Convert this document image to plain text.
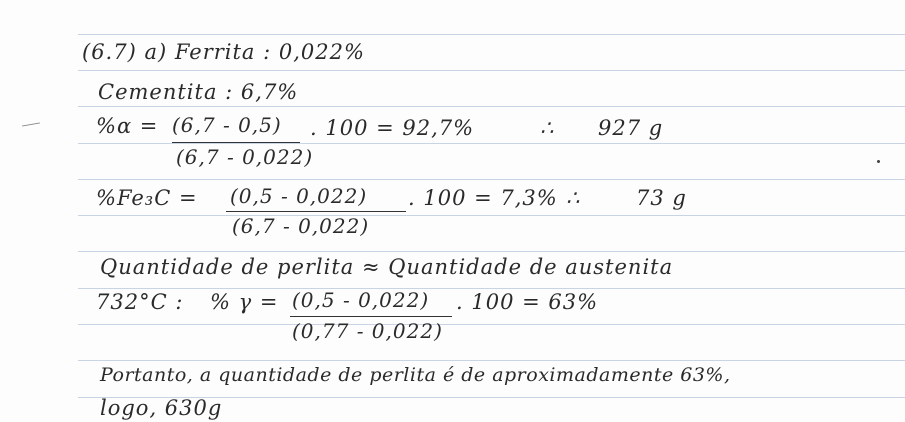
(6.7) a) Ferrita : 0,022%
Cementita : 6,7%
%α = (6,7 - 0,5)
(6,7 - 0,022)
. 100 = 92,7%	∴ 927 g
%Fe₃C = (0,5 - 0,022)
(6,7 - 0,022)
. 100 = 7,3% ∴	73 g
Quantidade de perlita ≈ Quantidade de austenita
732°C : % γ = (0,5 - 0,022)
(0,77 - 0,022)
. 100 = 63%
Portanto, a quantidade de perlita é de aproximadamente 63%,
logo, 630g
